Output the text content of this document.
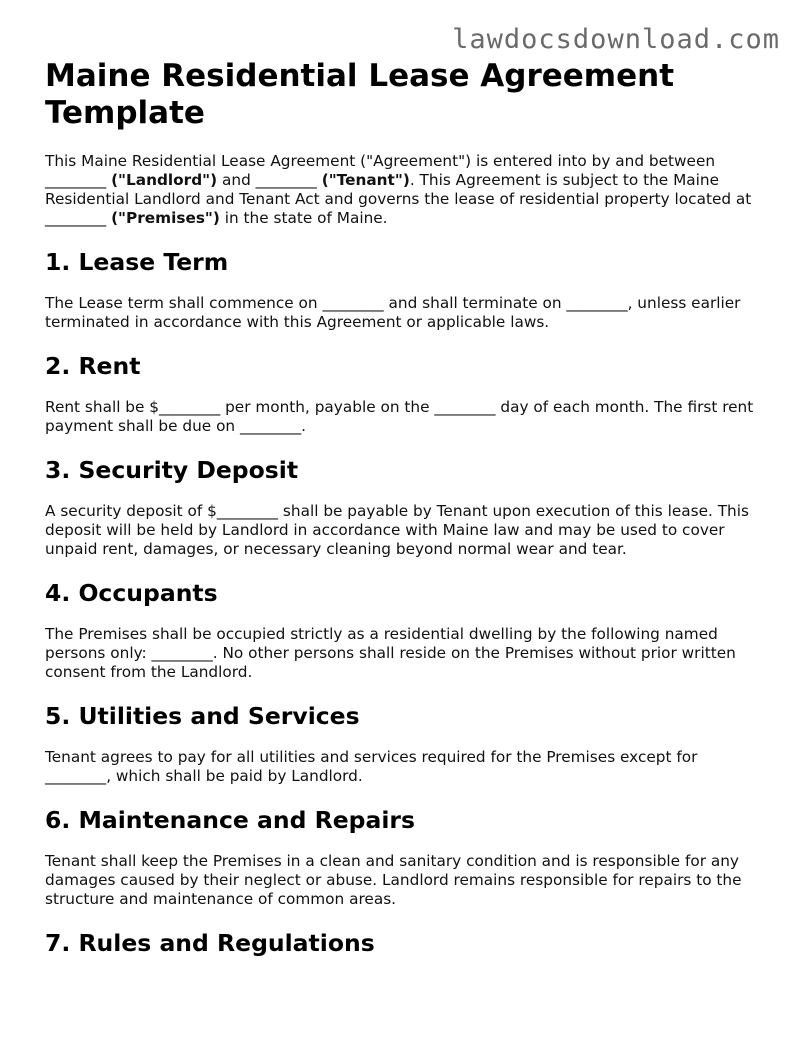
lawdocsdownload.com
Maine Residential Lease Agreement Template

This Maine Residential Lease Agreement ("Agreement") is entered into by and between ________ ("Landlord") and ________ ("Tenant"). This Agreement is subject to the Maine Residential Landlord and Tenant Act and governs the lease of residential property located at ________ ("Premises") in the state of Maine.

1. Lease Term

The Lease term shall commence on ________ and shall terminate on ________, unless earlier terminated in accordance with this Agreement or applicable laws.

2. Rent

Rent shall be $________ per month, payable on the ________ day of each month. The first rent payment shall be due on ________.

3. Security Deposit

A security deposit of $________ shall be payable by Tenant upon execution of this lease. This deposit will be held by Landlord in accordance with Maine law and may be used to cover unpaid rent, damages, or necessary cleaning beyond normal wear and tear.

4. Occupants

The Premises shall be occupied strictly as a residential dwelling by the following named persons only: ________. No other persons shall reside on the Premises without prior written consent from the Landlord.

5. Utilities and Services

Tenant agrees to pay for all utilities and services required for the Premises except for ________, which shall be paid by Landlord.

6. Maintenance and Repairs

Tenant shall keep the Premises in a clean and sanitary condition and is responsible for any damages caused by their neglect or abuse. Landlord remains responsible for repairs to the structure and maintenance of common areas.

7. Rules and Regulations
